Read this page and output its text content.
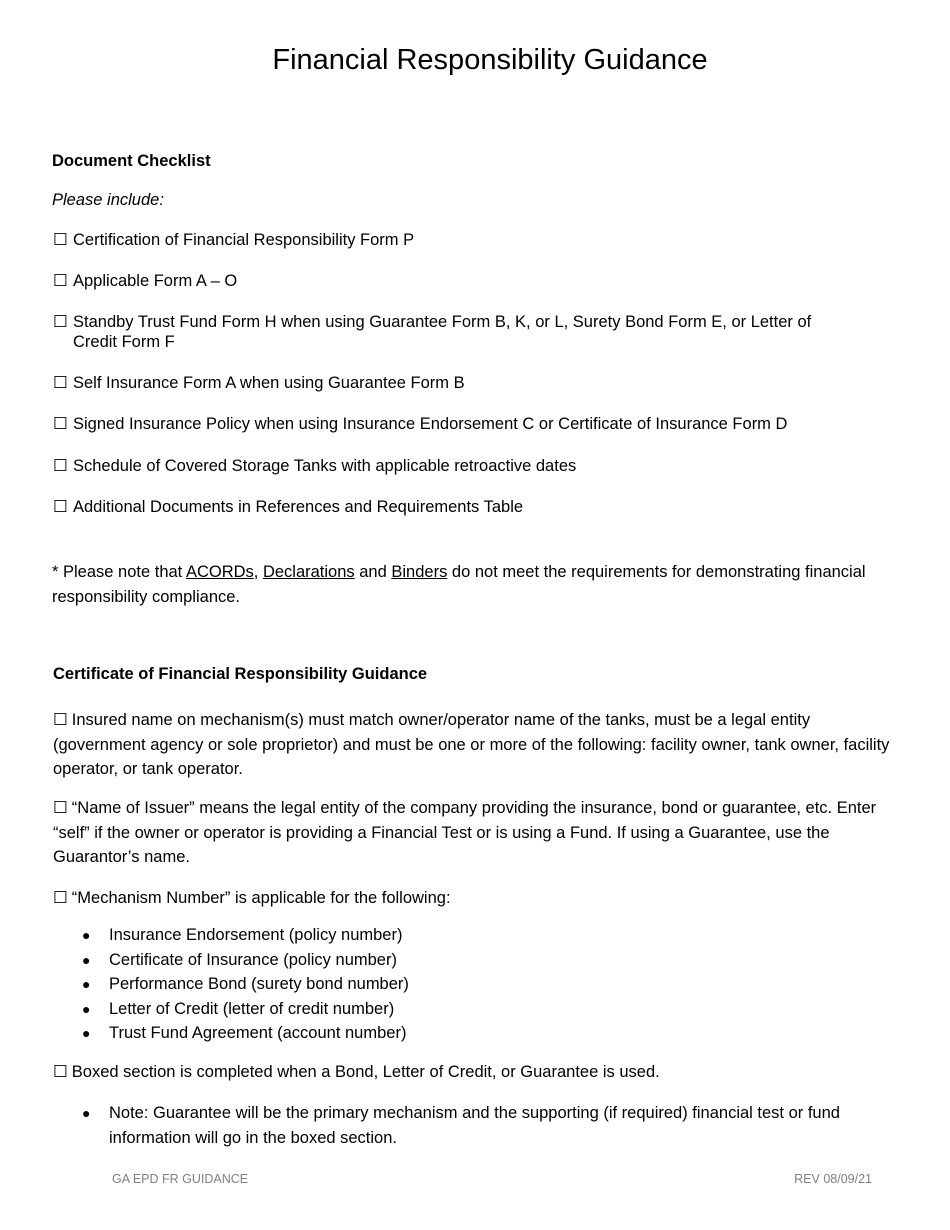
Financial Responsibility Guidance

Document Checklist

Please include:

☐ Certification of Financial Responsibility Form P
☐ Applicable Form A – O
☐ Standby Trust Fund Form H when using Guarantee Form B, K, or L, Surety Bond Form E, or Letter of
Credit Form F
☐ Self Insurance Form A when using Guarantee Form B
☐ Signed Insurance Policy when using Insurance Endorsement C or Certificate of Insurance Form D
☐ Schedule of Covered Storage Tanks with applicable retroactive dates
☐ Additional Documents in References and Requirements Table

* Please note that ACORDs, Declarations and Binders do not meet the requirements for demonstrating financial responsibility compliance.

Certificate of Financial Responsibility Guidance

☐ Insured name on mechanism(s) must match owner/operator name of the tanks, must be a legal entity (government agency or sole proprietor) and must be one or more of the following: facility owner, tank owner, facility operator, or tank operator.

☐ “Name of Issuer” means the legal entity of the company providing the insurance, bond or guarantee, etc. Enter “self” if the owner or operator is providing a Financial Test or is using a Fund. If using a Guarantee, use the Guarantor’s name.

☐ “Mechanism Number” is applicable for the following:

●	Insurance Endorsement (policy number)
●	Certificate of Insurance (policy number)
●	Performance Bond (surety bond number)
●	Letter of Credit (letter of credit number)
●	Trust Fund Agreement (account number)

☐ Boxed section is completed when a Bond, Letter of Credit, or Guarantee is used.

●	Note: Guarantee will be the primary mechanism and the supporting (if required) financial test or fund information will go in the boxed section.

GA EPD FR GUIDANCE	REV 08/09/21
